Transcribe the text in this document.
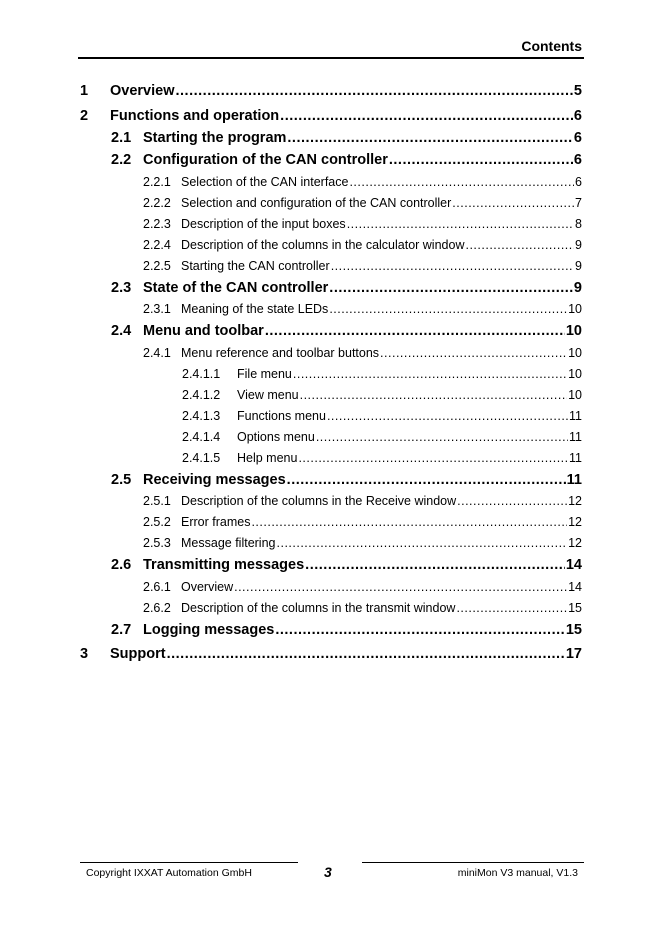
Contents
1	Overview .....	5
2	Functions and operation .....	6
2.1 Starting the program .....	6
2.2 Configuration of the CAN controller .....	6
2.2.1 Selection of the CAN interface .....	6
2.2.2 Selection and configuration of the CAN controller .....	7
2.2.3 Description of the input boxes .....	8
2.2.4 Description of the columns in the calculator window .....	9
2.2.5 Starting the CAN controller .....	9
2.3 State of the CAN controller .....	9
2.3.1 Meaning of the state LEDs .....	10
2.4 Menu and toolbar .....	10
2.4.1 Menu reference and toolbar buttons .....	10
2.4.1.1	File menu .....	10
2.4.1.2	View menu .....	10
2.4.1.3	Functions menu .....	11
2.4.1.4	Options menu .....	11
2.4.1.5	Help menu .....	11
2.5 Receiving messages .....	11
2.5.1 Description of the columns in the Receive window .....	12
2.5.2 Error frames .....	12
2.5.3 Message filtering .....	12
2.6 Transmitting messages .....	14
2.6.1 Overview .....	14
2.6.2 Description of the columns in the transmit window .....	15
2.7 Logging messages .....	15
3	Support .....	17
Copyright IXXAT Automation GmbH	3	miniMon V3 manual, V1.3
